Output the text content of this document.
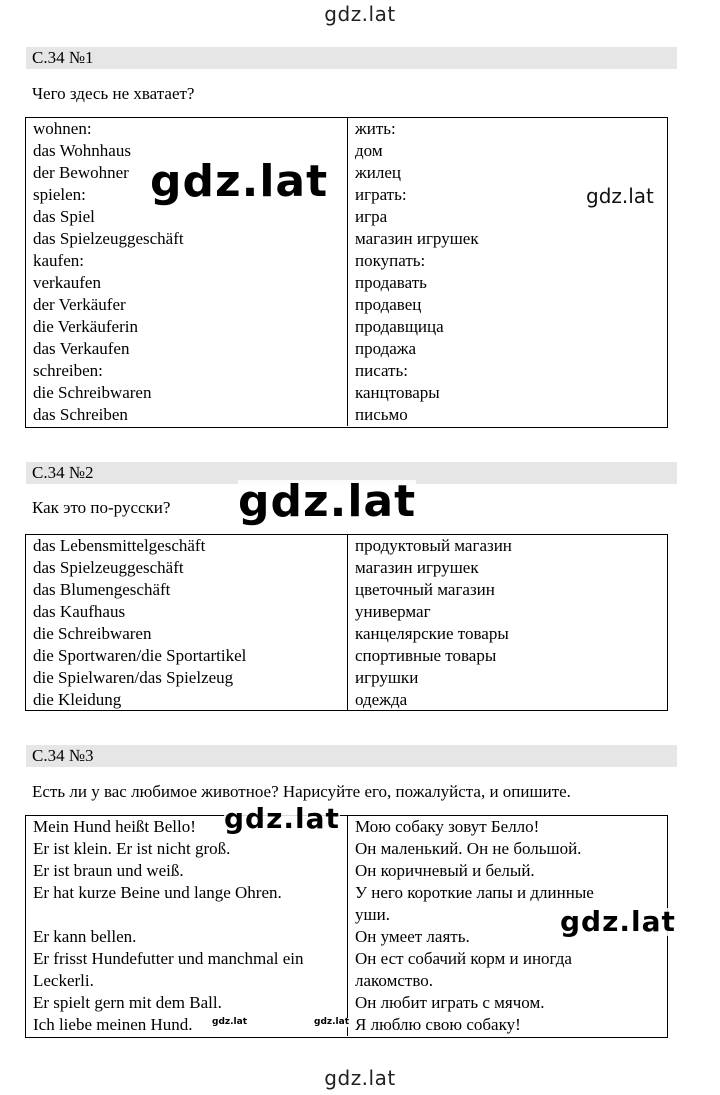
gdz.lat
С.34 №1
Чего здесь не хватает?
wohnen:	жить:
das Wohnhaus	дом
der Bewohner	жилец
spielen:	играть:
das Spiel	игра
das Spielzeuggeschäft	магазин игрушек
kaufen:	покупать:
verkaufen	продавать
der Verkäufer	продавец
die Verkäuferin	продавщица
das Verkaufen	продажа
schreiben:	писать:
die Schreibwaren	канцтовары
das Schreiben	письмо
С.34 №2
Как это по-русски?
das Lebensmittelgeschäft	продуктовый магазин
das Spielzeuggeschäft	магазин игрушек
das Blumengeschäft	цветочный магазин
das Kaufhaus	универмаг
die Schreibwaren	канцелярские товары
die Sportwaren/die Sportartikel	спортивные товары
die Spielwaren/das Spielzeug	игрушки
die Kleidung	одежда
С.34 №3
Есть ли у вас любимое животное? Нарисуйте его, пожалуйста, и опишите.
Mein Hund heißt Bello!	Мою собаку зовут Белло!

Er ist klein. Er ist nicht groß.	Он маленький. Он не большой.

Er ist braun und weiß.	Он коричневый и белый.

Er hat kurze Beine und lange Ohren.	У него короткие лапы и длинные
уши.

Er kann bellen.	Он умеет лаять.

Er frisst Hundefutter und manchmal ein
Leckerli.	Он ест собачий корм и иногда
лакомство.

Er spielt gern mit dem Ball.	Он любит играть с мячом.

Ich liebe meinen Hund.	Я люблю свою собаку!
gdz.lat	gdz.lat
gdz.lat
gdz.lat
gdz.lat
gdz.lat	gdz.lat
gdz.lat
